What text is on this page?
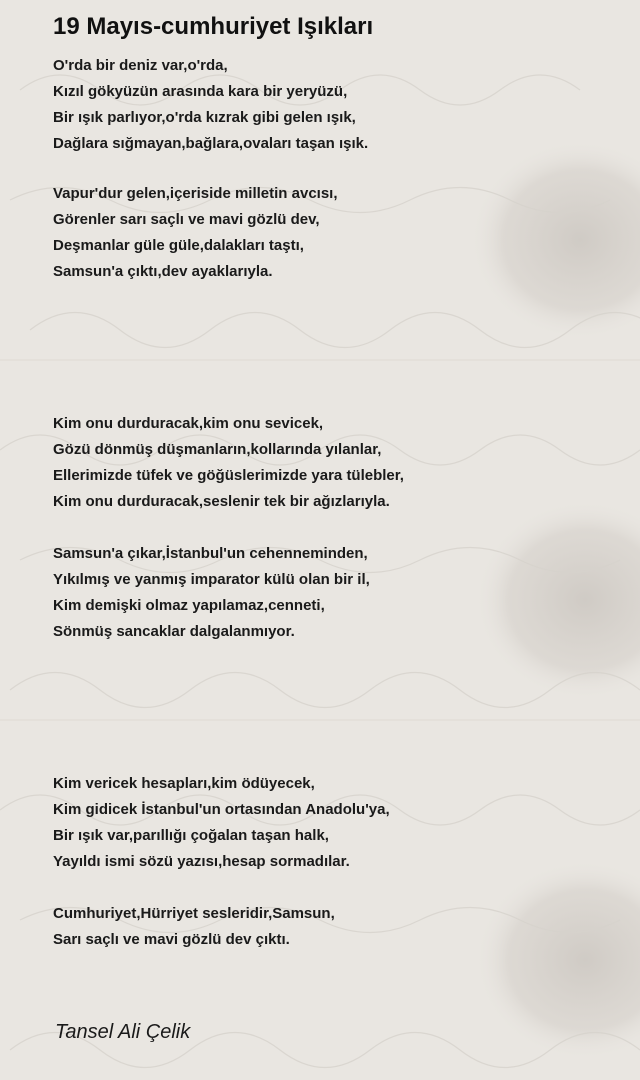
19 Mayıs-cumhuriyet Işıkları
O'rda bir deniz var,o'rda,
Kızıl gökyüzün arasında kara bir yeryüzü,
Bir ışık parlıyor,o'rda kızrak gibi gelen ışık,
Dağlara sığmayan,bağlara,ovaları taşan ışık.
Vapur'dur gelen,içeriside milletin avcısı,
Görenler sarı saçlı ve mavi gözlü dev,
Deşmanlar güle güle,dalakları taştı,
Samsun'a çıktı,dev ayaklarıyla.
Kim onu durduracak,kim onu sevicek,
Gözü dönmüş düşmanların,kollarında yılanlar,
Ellerimizde tüfek ve göğüslerimizde yara tülebler,
Kim onu durduracak,seslenir tek bir ağızlarıyla.
Samsun'a çıkar,İstanbul'un cehenneminden,
Yıkılmış ve yanmış imparator külü olan bir il,
Kim demişki olmaz yapılamaz,cenneti,
Sönmüş sancaklar dalgalanmıyor.
Kim vericek hesapları,kim ödüyecek,
Kim gidicek İstanbul'un ortasından Anadolu'ya,
Bir ışık var,parıllığı çoğalan taşan halk,
Yayıldı ismi sözü yazısı,hesap sormadılar.
Cumhuriyet,Hürriyet sesleridir,Samsun,
Sarı saçlı ve mavi gözlü dev çıktı.
Tansel Ali Çelik
